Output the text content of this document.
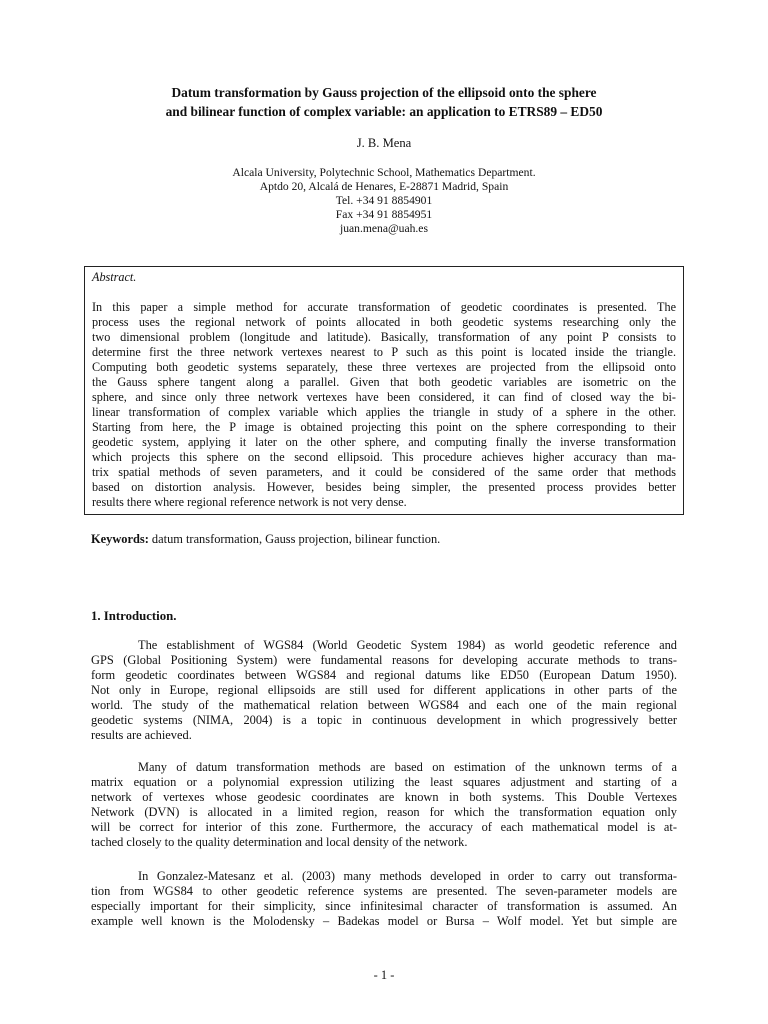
Datum transformation by Gauss projection of the ellipsoid onto the sphere
and bilinear function of complex variable: an application to ETRS89 – ED50
J. B. Mena
Alcala University, Polytechnic School, Mathematics Department.
Aptdo 20, Alcalá de Henares, E-28871 Madrid, Spain
Tel. +34 91 8854901
Fax +34 91 8854951
juan.mena@uah.es
Abstract.
In this paper a simple method for accurate transformation of geodetic coordinates is presented. The
process uses the regional network of points allocated in both geodetic systems researching only the
two dimensional problem (longitude and latitude). Basically, transformation of any point P consists to
determine first the three network vertexes nearest to P such as this point is located inside the triangle.
Computing both geodetic systems separately, these three vertexes are projected from the ellipsoid onto
the Gauss sphere tangent along a parallel. Given that both geodetic variables are isometric on the
sphere, and since only three network vertexes have been considered, it can find of closed way the bi-
linear transformation of complex variable which applies the triangle in study of a sphere in the other.
Starting from here, the P image is obtained projecting this point on the sphere corresponding to their
geodetic system, applying it later on the other sphere, and computing finally the inverse transformation
which projects this sphere on the second ellipsoid. This procedure achieves higher accuracy than ma-
trix spatial methods of seven parameters, and it could be considered of the same order that methods
based on distortion analysis. However, besides being simpler, the presented process provides better
results there where regional reference network is not very dense.
Keywords: datum transformation, Gauss projection, bilinear function.
1. Introduction.
The establishment of WGS84 (World Geodetic System 1984) as world geodetic reference and
GPS (Global Positioning System) were fundamental reasons for developing accurate methods to trans-
form geodetic coordinates between WGS84 and regional datums like ED50 (European Datum 1950).
Not only in Europe, regional ellipsoids are still used for different applications in other parts of the
world. The study of the mathematical relation between WGS84 and each one of the main regional
geodetic systems (NIMA, 2004) is a topic in continuous development in which progressively better
results are achieved.
Many of datum transformation methods are based on estimation of the unknown terms of a
matrix equation or a polynomial expression utilizing the least squares adjustment and starting of a
network of vertexes whose geodesic coordinates are known in both systems. This Double Vertexes
Network (DVN) is allocated in a limited region, reason for which the transformation equation only
will be correct for interior of this zone. Furthermore, the accuracy of each mathematical model is at-
tached closely to the quality determination and local density of the network.
In Gonzalez-Matesanz et al. (2003) many methods developed in order to carry out transforma-
tion from WGS84 to other geodetic reference systems are presented. The seven-parameter models are
especially important for their simplicity, since infinitesimal character of transformation is assumed. An
example well known is the Molodensky – Badekas model or Bursa – Wolf model. Yet but simple are
- 1 -
